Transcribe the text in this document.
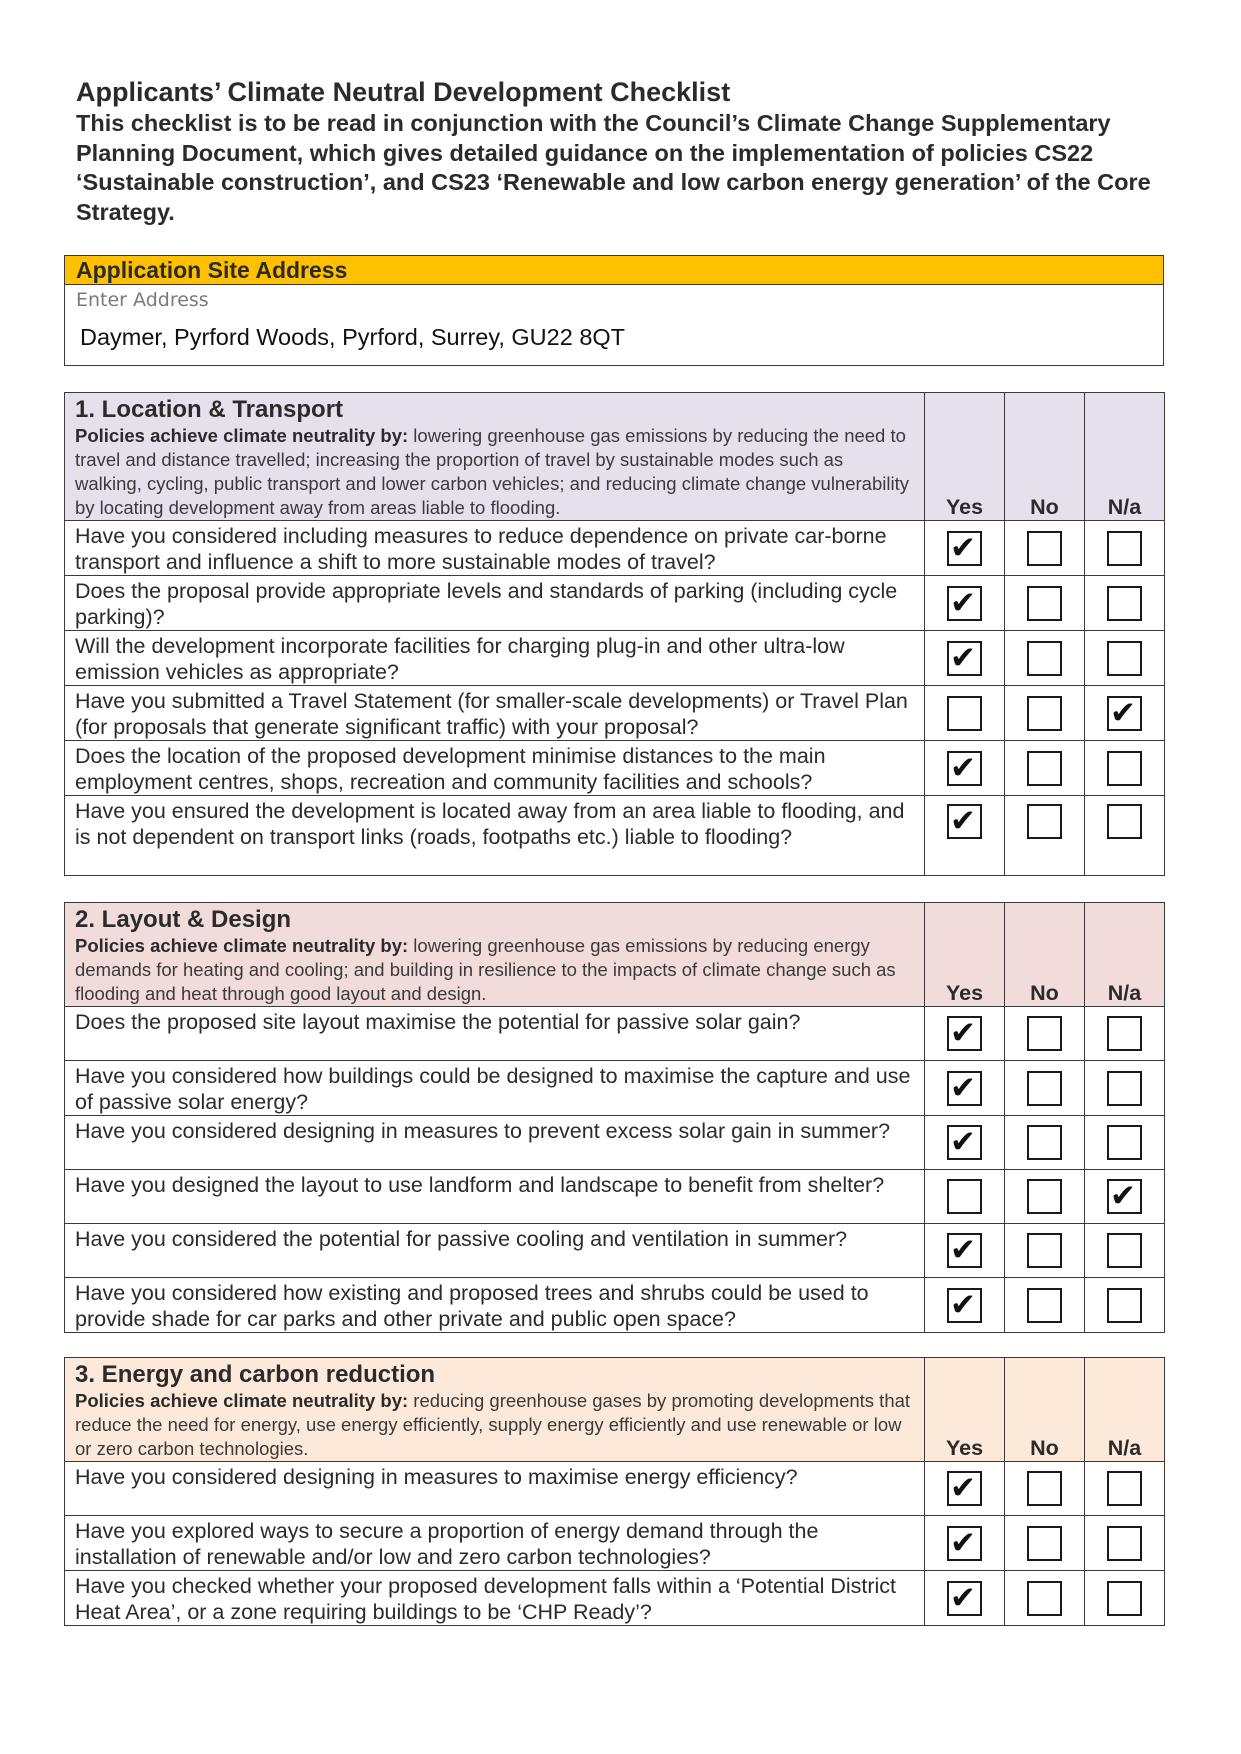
Applicants’ Climate Neutral Development Checklist

This checklist is to be read in conjunction with the Council’s Climate Change Supplementary Planning Document, which gives detailed guidance on the implementation of policies CS22 ‘Sustainable construction’, and CS23 ‘Renewable and low carbon energy generation’ of the Core Strategy.

Application Site Address
Enter Address
Daymer, Pyrford Woods, Pyrford, Surrey, GU22 8QT
1. Location & Transport
Policies achieve climate neutrality by: lowering greenhouse gas emissions by reducing the need to travel and distance travelled; increasing the proportion of travel by sustainable modes such as walking, cycling, public transport and lower carbon vehicles; and reducing climate change vulnerability by locating development away from areas liable to flooding.	Yes	No	N/a
Have you considered including measures to reduce dependence on private car-borne transport and influence a shift to more sustainable modes of travel?	✔		
Does the proposal provide appropriate levels and standards of parking (including cycle parking)?	✔		
Will the development incorporate facilities for charging plug-in and other ultra-low emission vehicles as appropriate?	✔		
Have you submitted a Travel Statement (for smaller-scale developments) or Travel Plan (for proposals that generate significant traffic) with your proposal?			✔
Does the location of the proposed development minimise distances to the main employment centres, shops, recreation and community facilities and schools?	✔		
Have you ensured the development is located away from an area liable to flooding, and is not dependent on transport links (roads, footpaths etc.) liable to flooding?	✔		
2. Layout & Design
Policies achieve climate neutrality by: lowering greenhouse gas emissions by reducing energy demands for heating and cooling; and building in resilience to the impacts of climate change such as flooding and heat through good layout and design.	Yes	No	N/a
Does the proposed site layout maximise the potential for passive solar gain?	✔		
Have you considered how buildings could be designed to maximise the capture and use of passive solar energy?	✔		
Have you considered designing in measures to prevent excess solar gain in summer?	✔		
Have you designed the layout to use landform and landscape to benefit from shelter?			✔
Have you considered the potential for passive cooling and ventilation in summer?	✔		
Have you considered how existing and proposed trees and shrubs could be used to provide shade for car parks and other private and public open space?	✔		
3. Energy and carbon reduction
Policies achieve climate neutrality by: reducing greenhouse gases by promoting developments that reduce the need for energy, use energy efficiently, supply energy efficiently and use renewable or low or zero carbon technologies.	Yes	No	N/a
Have you considered designing in measures to maximise energy efficiency?	✔		
Have you explored ways to secure a proportion of energy demand through the installation of renewable and/or low and zero carbon technologies?	✔		
Have you checked whether your proposed development falls within a ‘Potential District Heat Area’, or a zone requiring buildings to be ‘CHP Ready’?	✔		
